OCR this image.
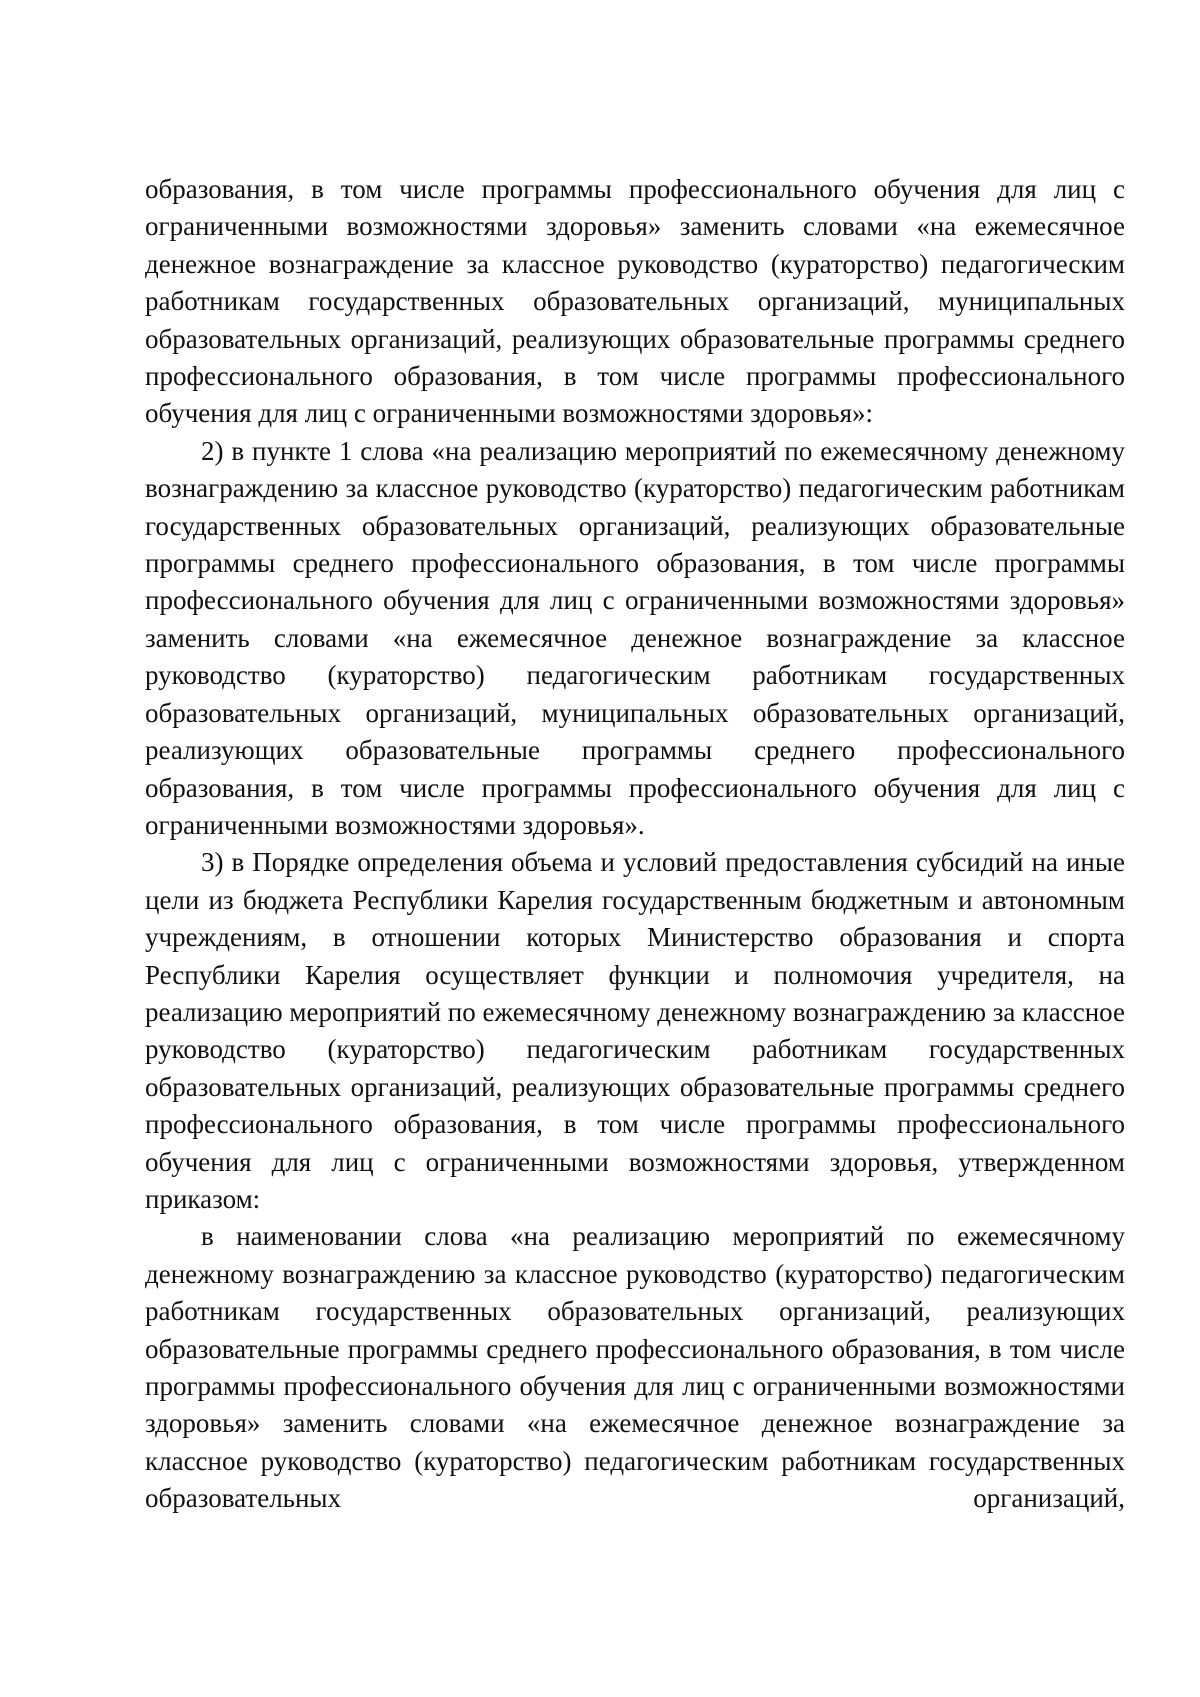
образования, в том числе программы профессионального обучения для лиц с ограниченными возможностями здоровья» заменить словами «на ежемесячное денежное вознаграждение за классное руководство (кураторство) педагогическим работникам государственных образовательных организаций, муниципальных образовательных организаций, реализующих образовательные программы среднего профессионального образования, в том числе программы профессионального обучения для лиц с ограниченными возможностями здоровья»:

2) в пункте 1 слова «на реализацию мероприятий по ежемесячному денежному вознаграждению за классное руководство (кураторство) педагогическим работникам государственных образовательных организаций, реализующих образовательные программы среднего профессионального образования, в том числе программы профессионального обучения для лиц с ограниченными возможностями здоровья» заменить словами «на ежемесячное денежное вознаграждение за классное руководство (кураторство) педагогическим работникам государственных образовательных организаций, муниципальных образовательных организаций, реализующих образовательные программы среднего профессионального образования, в том числе программы профессионального обучения для лиц с ограниченными возможностями здоровья».

3) в Порядке определения объема и условий предоставления субсидий на иные цели из бюджета Республики Карелия государственным бюджетным и автономным учреждениям, в отношении которых Министерство образования и спорта Республики Карелия осуществляет функции и полномочия учредителя, на реализацию мероприятий по ежемесячному денежному вознаграждению за классное руководство (кураторство) педагогическим работникам государственных образовательных организаций, реализующих образовательные программы среднего профессионального образования, в том числе программы профессионального обучения для лиц с ограниченными возможностями здоровья, утвержденном приказом:

в наименовании слова «на реализацию мероприятий по ежемесячному денежному вознаграждению за классное руководство (кураторство) педагогическим работникам государственных образовательных организаций, реализующих образовательные программы среднего профессионального образования, в том числе программы профессионального обучения для лиц с ограниченными возможностями здоровья» заменить словами «на ежемесячное денежное вознаграждение за классное руководство (кураторство) педагогическим работникам государственных образовательных организаций,
